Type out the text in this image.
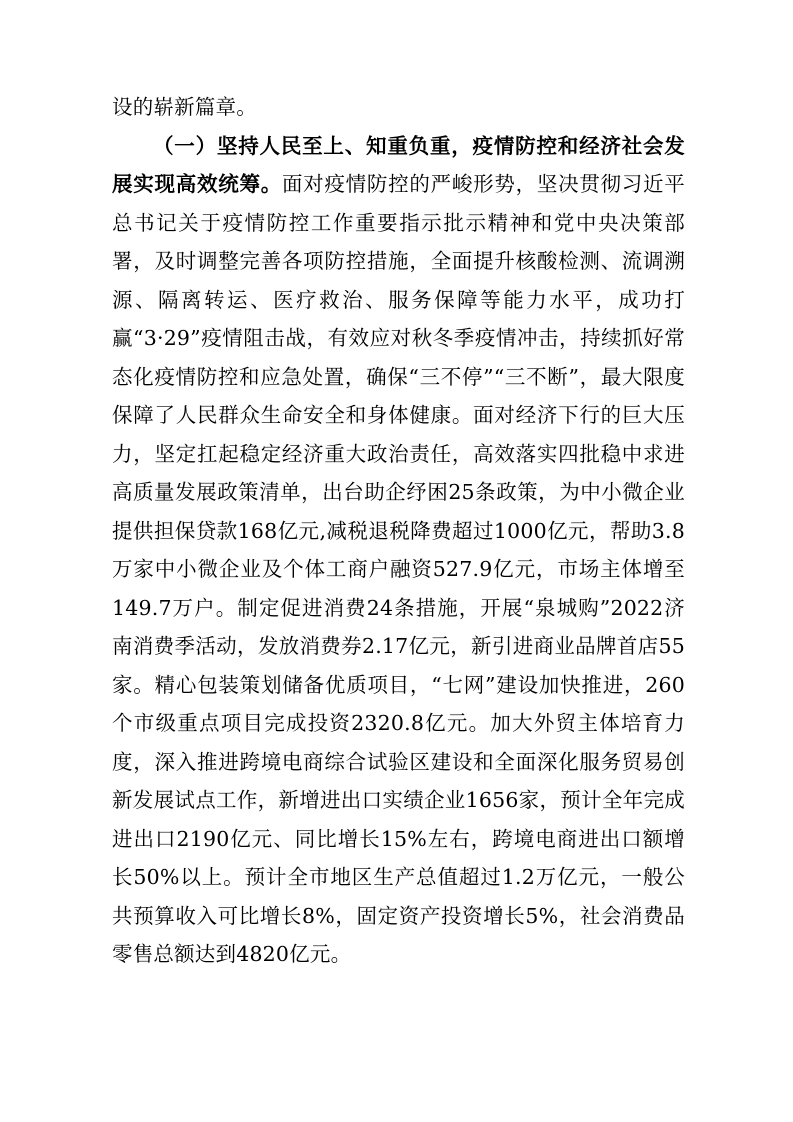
设的崭新篇章。

（一）坚持人民至上、知重负重，疫情防控和经济社会发展实现高效统筹。面对疫情防控的严峻形势，坚决贯彻习近平总书记关于疫情防控工作重要指示批示精神和党中央决策部署，及时调整完善各项防控措施，全面提升核酸检测、流调溯源、隔离转运、医疗救治、服务保障等能力水平，成功打赢“3·29”疫情阻击战，有效应对秋冬季疫情冲击，持续抓好常态化疫情防控和应急处置，确保“三不停”“三不断”，最大限度保障了人民群众生命安全和身体健康。面对经济下行的巨大压力，坚定扛起稳定经济重大政治责任，高效落实四批稳中求进高质量发展政策清单，出台助企纾困25条政策，为中小微企业提供担保贷款168亿元,减税退税降费超过1000亿元，帮助3.8万家中小微企业及个体工商户融资527.9亿元，市场主体增至149.7万户。制定促进消费24条措施，开展“泉城购”2022济南消费季活动，发放消费券2.17亿元，新引进商业品牌首店55家。精心包装策划储备优质项目，“七网”建设加快推进，260个市级重点项目完成投资2320.8亿元。加大外贸主体培育力度，深入推进跨境电商综合试验区建设和全面深化服务贸易创新发展试点工作，新增进出口实绩企业1656家，预计全年完成进出口2190亿元、同比增长15%左右，跨境电商进出口额增长50%以上。预计全市地区生产总值超过1.2万亿元，一般公共预算收入可比增长8%，固定资产投资增长5%，社会消费品零售总额达到4820亿元。
